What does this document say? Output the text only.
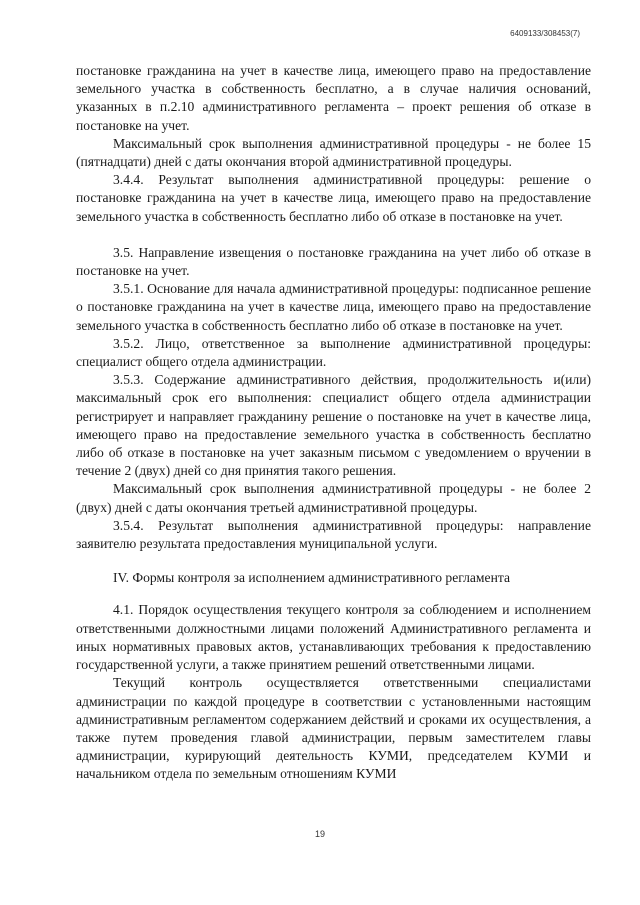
6409133/308453(7)

постановке гражданина на учет в качестве лица, имеющего право на предоставление земельного участка в собственность бесплатно, а в случае наличия оснований, указанных в п.2.10 административного регламента – проект решения об отказе в постановке на учет.

Максимальный срок выполнения административной процедуры - не более 15 (пятнадцати) дней с даты окончания второй административной процедуры.

3.4.4. Результат выполнения административной процедуры: решение о постановке гражданина на учет в качестве лица, имеющего право на предоставление земельного участка в собственность бесплатно либо об отказе в постановке на учет.

3.5. Направление извещения о постановке гражданина на учет либо об отказе в постановке на учет.

3.5.1. Основание для начала административной процедуры: подписанное решение о постановке гражданина на учет в качестве лица, имеющего право на предоставление земельного участка в собственность бесплатно либо об отказе в постановке на учет.

3.5.2. Лицо, ответственное за выполнение административной процедуры: специалист общего отдела администрации.

3.5.3. Содержание административного действия, продолжительность и(или) максимальный срок его выполнения: специалист общего отдела администрации регистрирует и направляет гражданину решение о постановке на учет в качестве лица, имеющего право на предоставление земельного участка в собственность бесплатно либо об отказе в постановке на учет заказным письмом с уведомлением о вручении в течение 2 (двух) дней со дня принятия такого решения.

Максимальный срок выполнения административной процедуры - не более 2 (двух) дней с даты окончания третьей административной процедуры.

3.5.4. Результат выполнения административной процедуры: направление заявителю результата предоставления муниципальной услуги.

IV. Формы контроля за исполнением административного регламента

4.1. Порядок осуществления текущего контроля за соблюдением и исполнением ответственными должностными лицами положений Административного регламента и иных нормативных правовых актов, устанавливающих требования к предоставлению государственной услуги, а также принятием решений ответственными лицами.

Текущий контроль осуществляется ответственными специалистами администрации по каждой процедуре в соответствии с установленными настоящим административным регламентом содержанием действий и сроками их осуществления, а также путем проведения главой администрации, первым заместителем главы администрации, курирующий деятельность КУМИ, председателем КУМИ и начальником отдела по земельным отношениям КУМИ

19
